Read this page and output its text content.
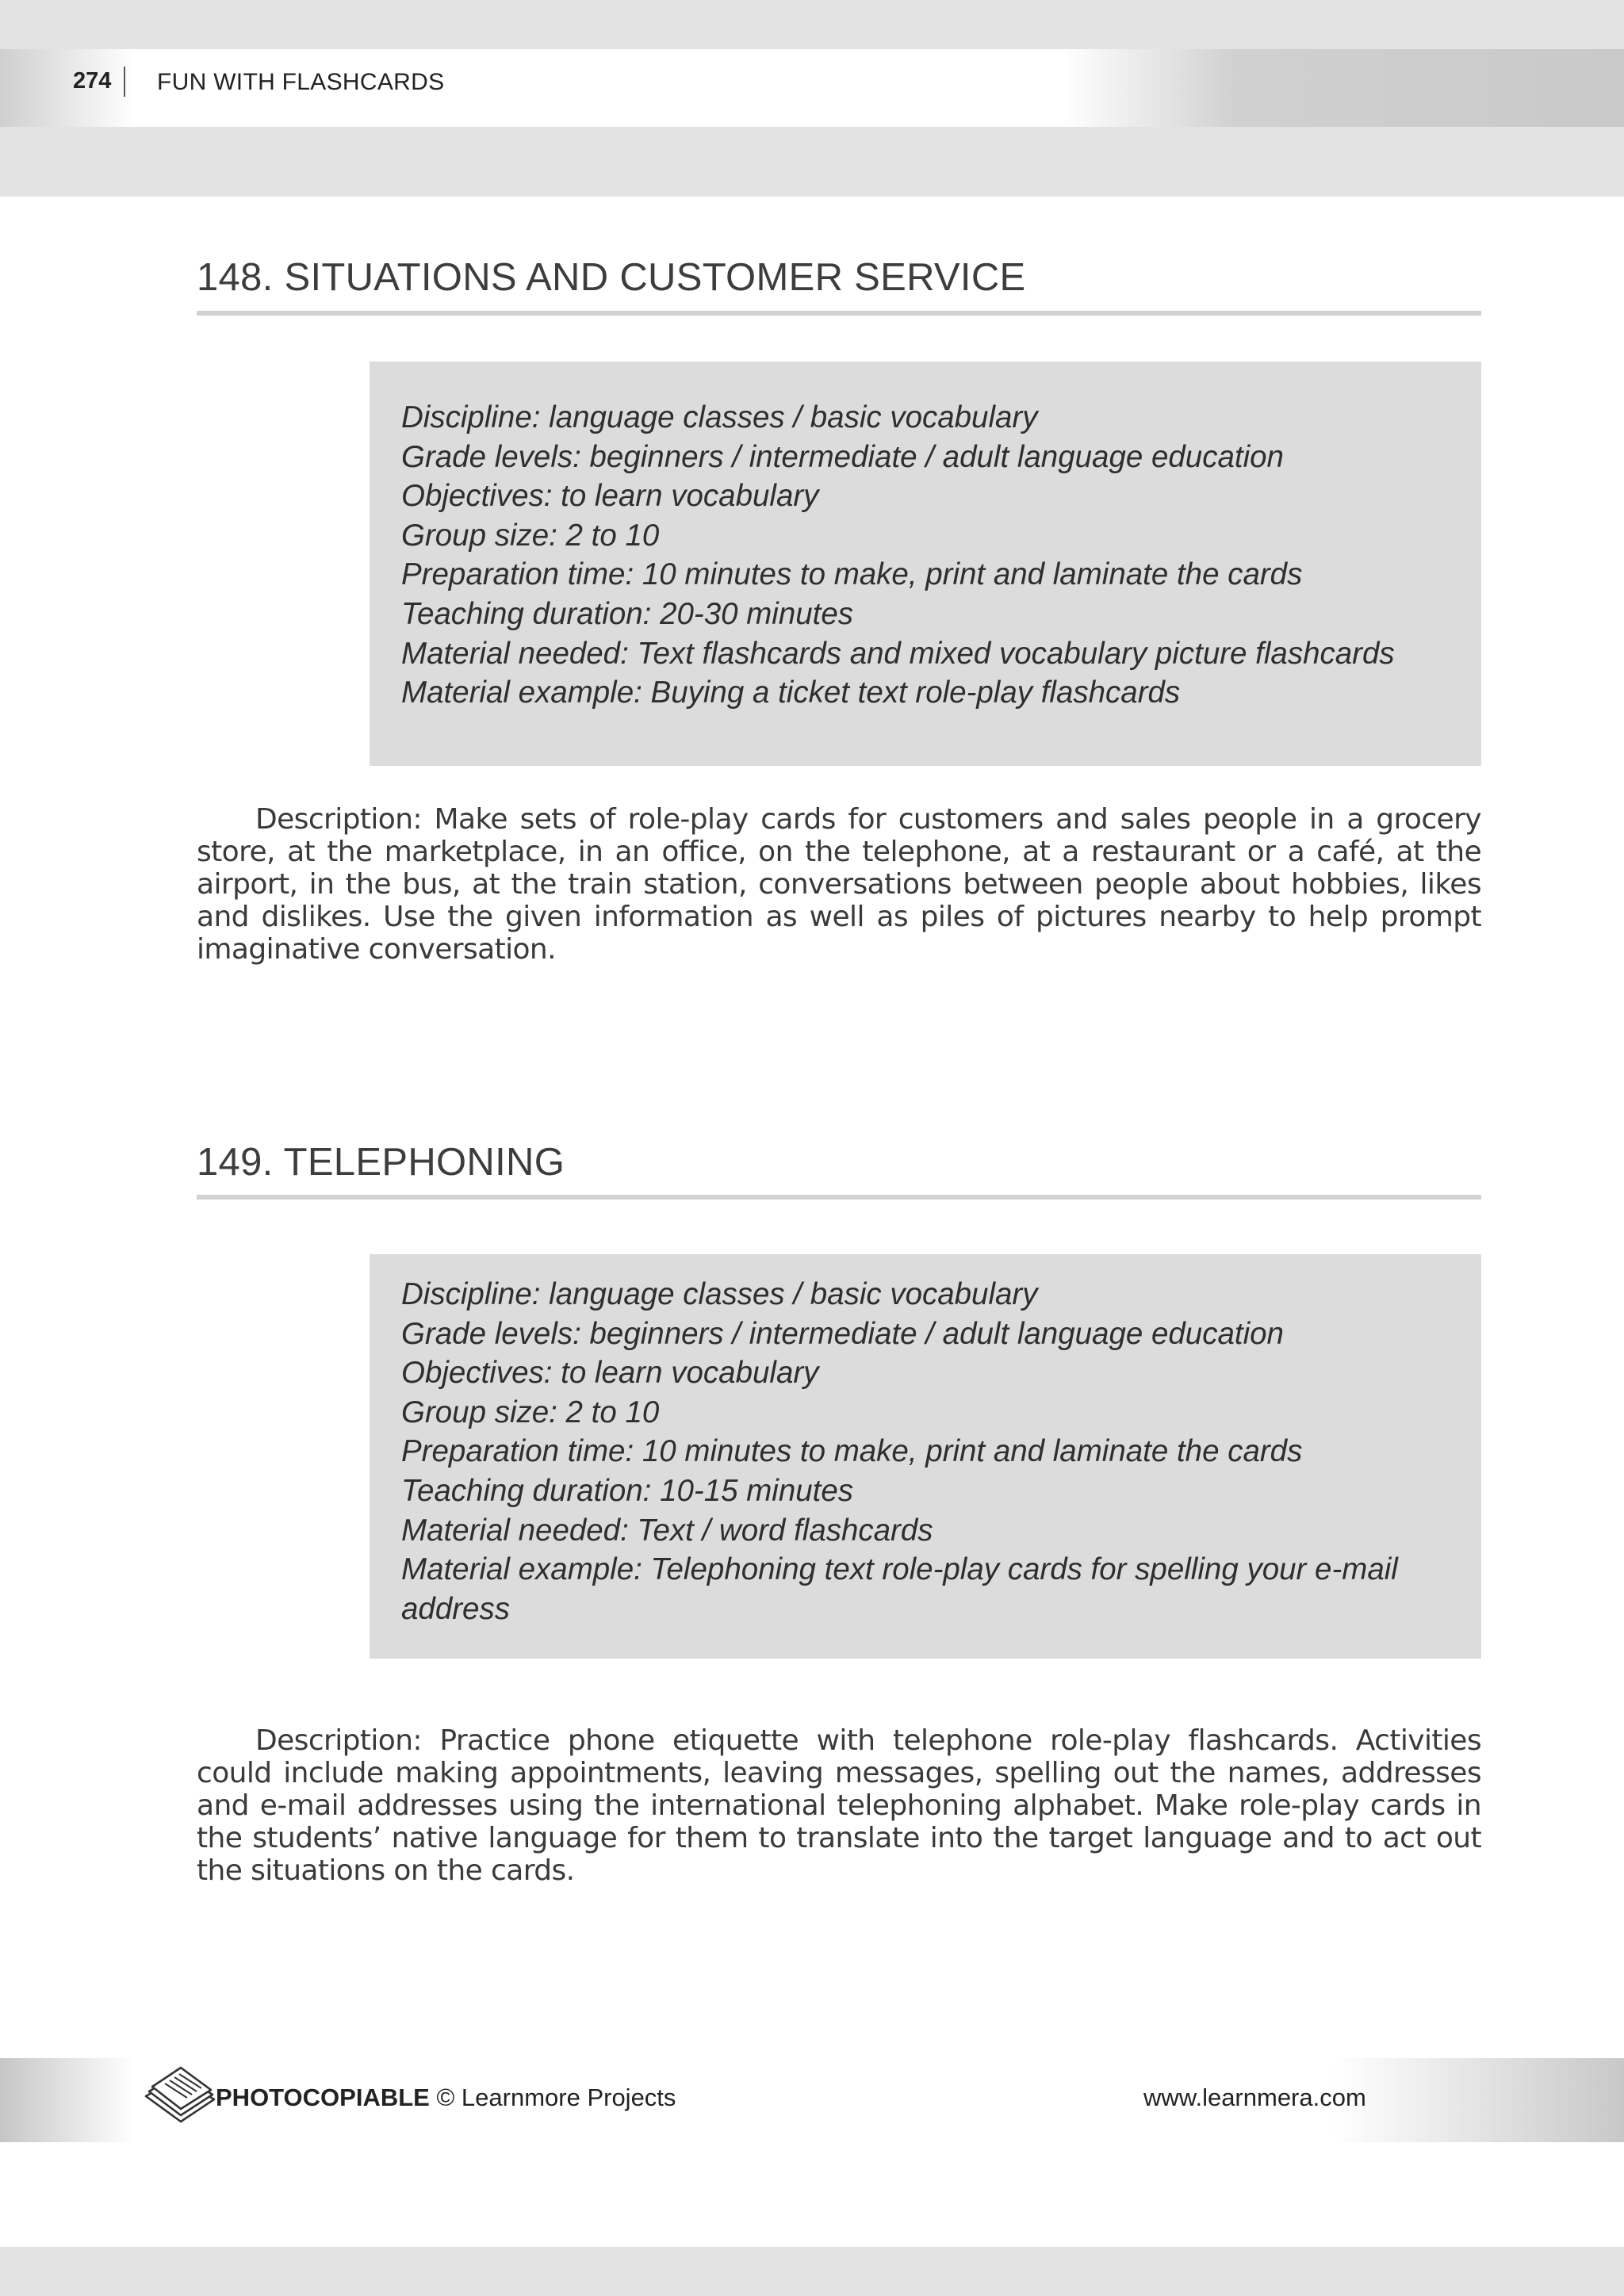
274 FUN WITH FLASHCARDS
148. SITUATIONS AND CUSTOMER SERVICE
Discipline: language classes / basic vocabulary
Grade levels: beginners / intermediate / adult language education
Objectives: to learn vocabulary
Group size: 2 to 10
Preparation time: 10 minutes to make, print and laminate the cards
Teaching duration: 20-30 minutes
Material needed: Text flashcards and mixed vocabulary picture flashcards
Material example: Buying a ticket text role-play flashcards

Description: Make sets of role-play cards for customers and sales people in a grocery store, at the marketplace, in an office, on the telephone, at a restaurant or a café, at the airport, in the bus, at the train station, conversations between people about hobbies, likes and dislikes. Use the given information as well as piles of pictures nearby to help prompt imaginative conversation.

149. TELEPHONING
Discipline: language classes / basic vocabulary
Grade levels: beginners / intermediate / adult language education
Objectives: to learn vocabulary
Group size: 2 to 10
Preparation time: 10 minutes to make, print and laminate the cards
Teaching duration: 10-15 minutes
Material needed: Text / word flashcards
Material example: Telephoning text role-play cards for spelling your e-mail address

Description: Practice phone etiquette with telephone role-play flashcards. Activities could include making appointments, leaving messages, spelling out the names, addresses and e-mail addresses using the international telephoning alphabet. Make role-play cards in the students’ native language for them to translate into the target language and to act out the situations on the cards.

PHOTOCOPIABLE © Learnmore Projects	www.learnmera.com
